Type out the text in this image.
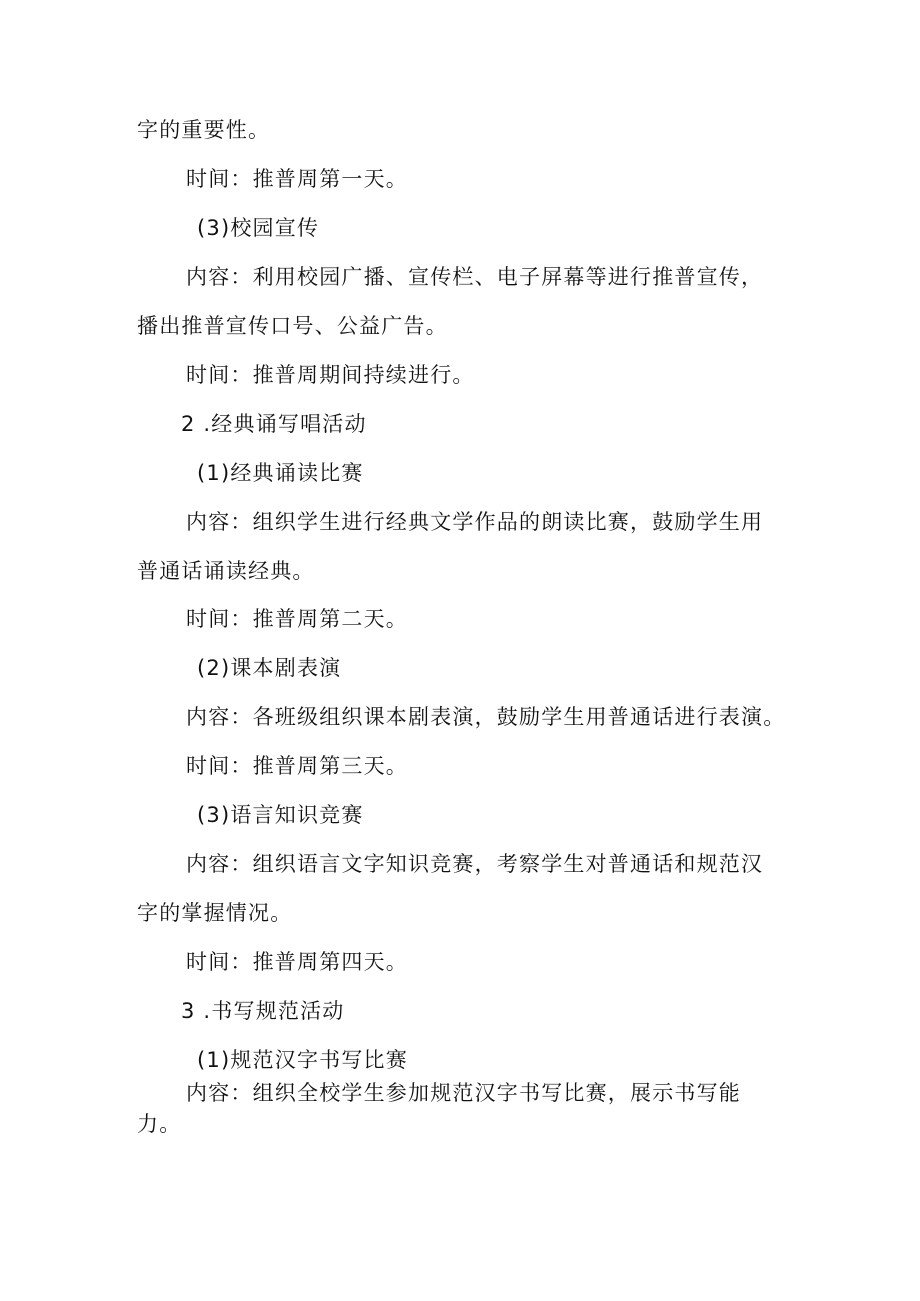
字的重要性。
时间：推普周第一天。
(3)校园宣传
内容：利用校园广播、宣传栏、电子屏幕等进行推普宣传，
播出推普宣传口号、公益广告。
时间：推普周期间持续进行。
2 .经典诵写唱活动
(1)经典诵读比赛
内容：组织学生进行经典文学作品的朗读比赛，鼓励学生用
普通话诵读经典。
时间：推普周第二天。
(2)课本剧表演
内容：各班级组织课本剧表演，鼓励学生用普通话进行表演。
时间：推普周第三天。
(3)语言知识竞赛
内容：组织语言文字知识竞赛，考察学生对普通话和规范汉
字的掌握情况。
时间：推普周第四天。
3 .书写规范活动
(1)规范汉字书写比赛
内容：组织全校学生参加规范汉字书写比赛，展示书写能
力。
